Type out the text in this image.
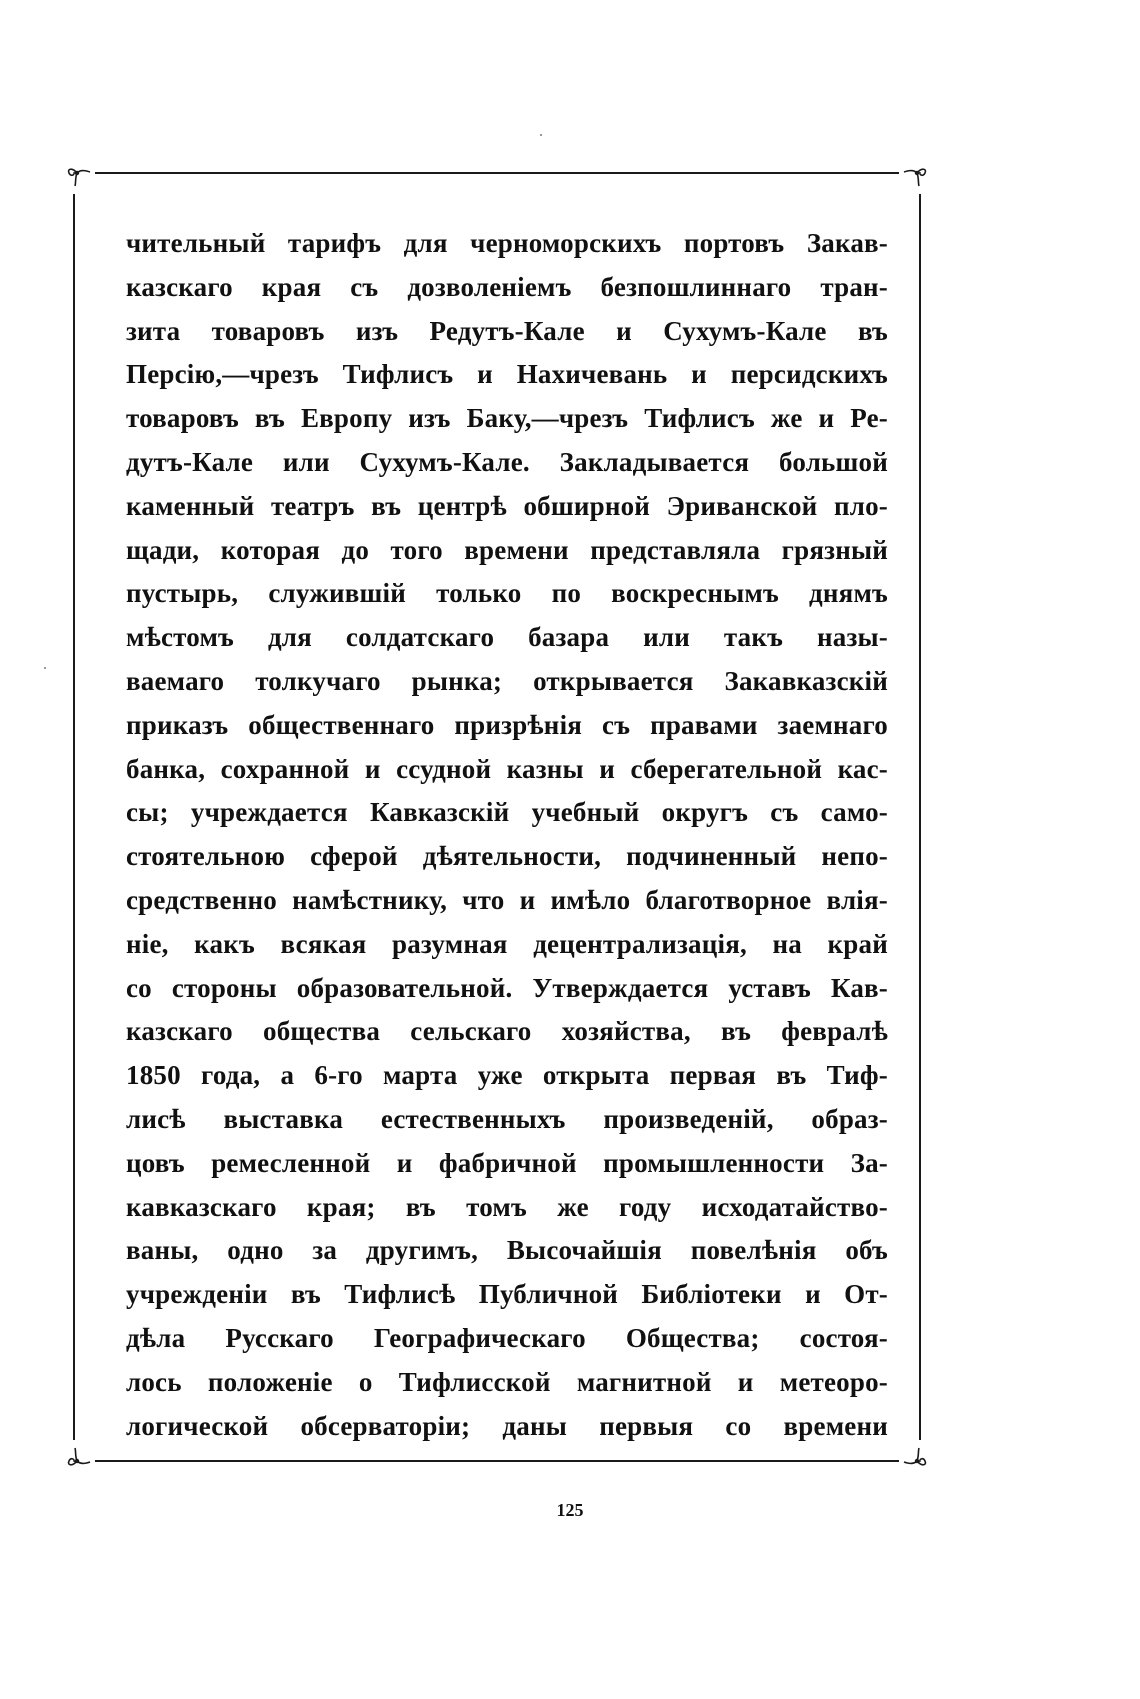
чительный тарифъ для черноморскихъ портовъ Закав-
казскаго края съ дозволеніемъ безпошлиннаго тран-
зита товаровъ изъ Редутъ-Кале и Сухумъ-Кале въ
Персію,—чрезъ Тифлисъ и Нахичевань и персидскихъ
товаровъ въ Европу изъ Баку,—чрезъ Тифлисъ же и Ре-
дутъ-Кале или Сухумъ-Кале. Закладывается большой
каменный театръ въ центрѣ обширной Эриванской пло-
щади, которая до того времени представляла грязный
пустырь, служившій только по воскреснымъ днямъ
мѣстомъ для солдатскаго базара или такъ назы-
ваемаго толкучаго рынка; открывается Закавказскій
приказъ общественнаго призрѣнія съ правами заемнаго
банка, сохранной и ссудной казны и сберегательной кас-
сы; учреждается Кавказскій учебный округъ съ само-
стоятельною сферой дѣятельности, подчиненный непо-
средственно намѣстнику, что и имѣло благотворное влія-
ніе, какъ всякая разумная децентрализація, на край
со стороны образовательной. Утверждается уставъ Кав-
казскаго общества сельскаго хозяйства, въ февралѣ
1850 года, а 6-го марта уже открыта первая въ Тиф-
лисѣ выставка естественныхъ произведеній, образ-
цовъ ремесленной и фабричной промышленности За-
кавказскаго края; въ томъ же году исходатайство-
ваны, одно за другимъ, Высочайшія повелѣнія объ
учрежденіи въ Тифлисѣ Публичной Библіотеки и От-
дѣла Русскаго Географическаго Общества; состоя-
лось положеніе о Тифлисской магнитной и метеоро-
логической обсерваторіи; даны первыя со времени
125
